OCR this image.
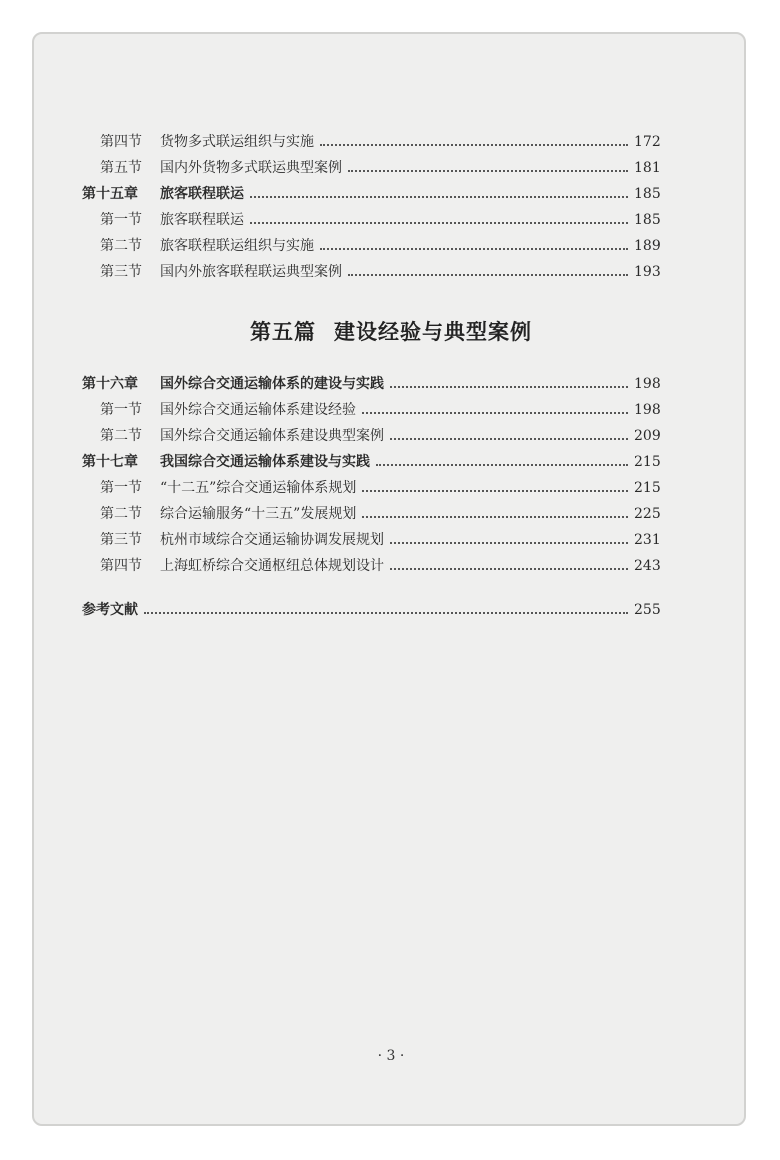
第四节	货物多式联运组织与实施	172
第五节	国内外货物多式联运典型案例	181
第十五章	旅客联程联运	185
第一节	旅客联程联运	185
第二节	旅客联程联运组织与实施	189
第三节	国内外旅客联程联运典型案例	193
第五篇 建设经验与典型案例
第十六章	国外综合交通运输体系的建设与实践	198
第一节	国外综合交通运输体系建设经验	198
第二节	国外综合交通运输体系建设典型案例	209
第十七章	我国综合交通运输体系建设与实践	215
第一节	“十二五”综合交通运输体系规划	215
第二节	综合运输服务“十三五”发展规划	225
第三节	杭州市域综合交通运输协调发展规划	231
第四节	上海虹桥综合交通枢纽总体规划设计	243
参考文献	255
· 3 ·
